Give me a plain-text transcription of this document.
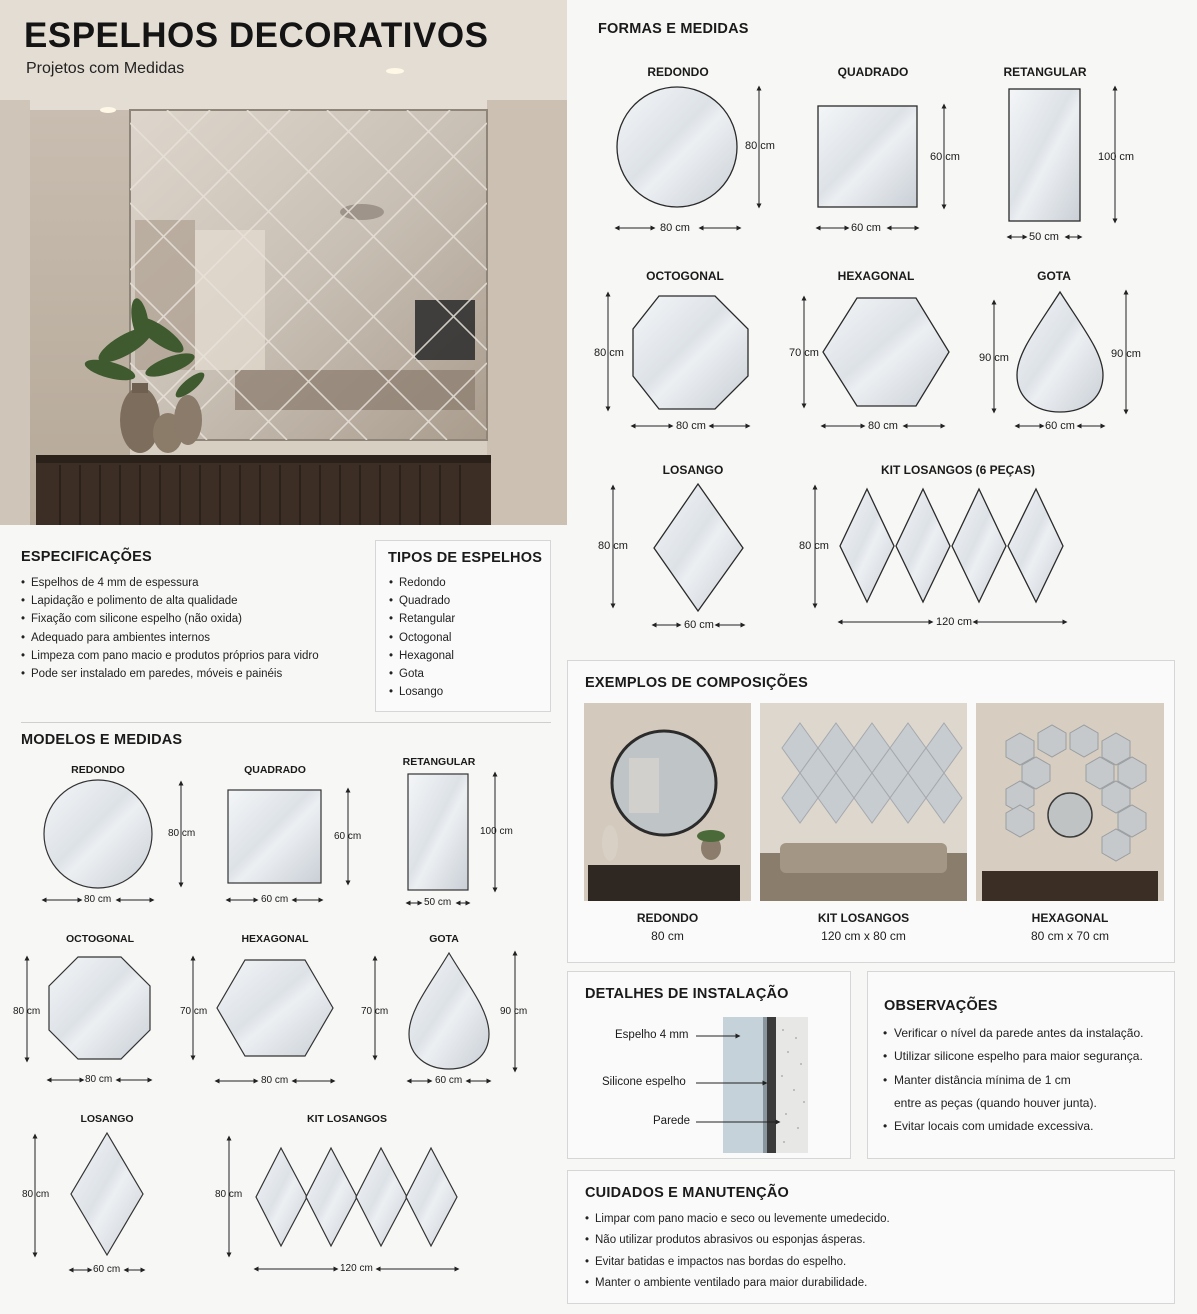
ESPELHOS DECORATIVOS
Projetos com Medidas
ESPECIFICAÇÕES
• Espelhos de 4 mm de espessura
• Lapidação e polimento de alta qualidade
• Fixação com silicone espelho (não oxida)
• Adequado para ambientes internos
• Limpeza com pano macio e produtos próprios para vidro
• Pode ser instalado em paredes, móveis e painéis
TIPOS DE ESPELHOS
• Redondo
• Quadrado
• Retangular
• Octogonal
• Hexagonal
• Gota
• Losango
MODELOS E MEDIDAS
REDONDO	QUADRADO
RETANGULAR
OCTOGONAL	HEXAGONAL	GOTA
LOSANGO	KIT LOSANGOS
80 cm
80 cm
60 cm
60 cm
100 cm
50 cm
80 cm
80 cm
70 cm	70 cm
80 cm
90 cm
60 cm
80 cm
60 cm
80 cm
120 cm
FORMAS E MEDIDAS
REDONDO	QUADRADO	RETANGULAR
OCTOGONAL	HEXAGONAL	GOTA
LOSANGO	KIT LOSANGOS (6 PEÇAS)
80 cm
80 cm
60 cm
60 cm
100 cm
50 cm
80 cm
80 cm
70 cm
80 cm
90 cm	90 cm
60 cm
80 cm
60 cm
80 cm
120 cm
EXEMPLOS DE COMPOSIÇÕES
REDONDO
80 cm
KIT LOSANGOS
120 cm x 80 cm
HEXAGONAL
80 cm x 70 cm
DETALHES DE INSTALAÇÃO
Espelho 4 mm
Silicone espelho
Parede
OBSERVAÇÕES
• Verificar o nível da parede antes da instalação.
• Utilizar silicone espelho para maior segurança.
• Manter distância mínima de 1 cm
entre as peças (quando houver junta).
• Evitar locais com umidade excessiva.
CUIDADOS E MANUTENÇÃO
• Limpar com pano macio e seco ou levemente umedecido.
• Não utilizar produtos abrasivos ou esponjas ásperas.
• Evitar batidas e impactos nas bordas do espelho.
• Manter o ambiente ventilado para maior durabilidade.
